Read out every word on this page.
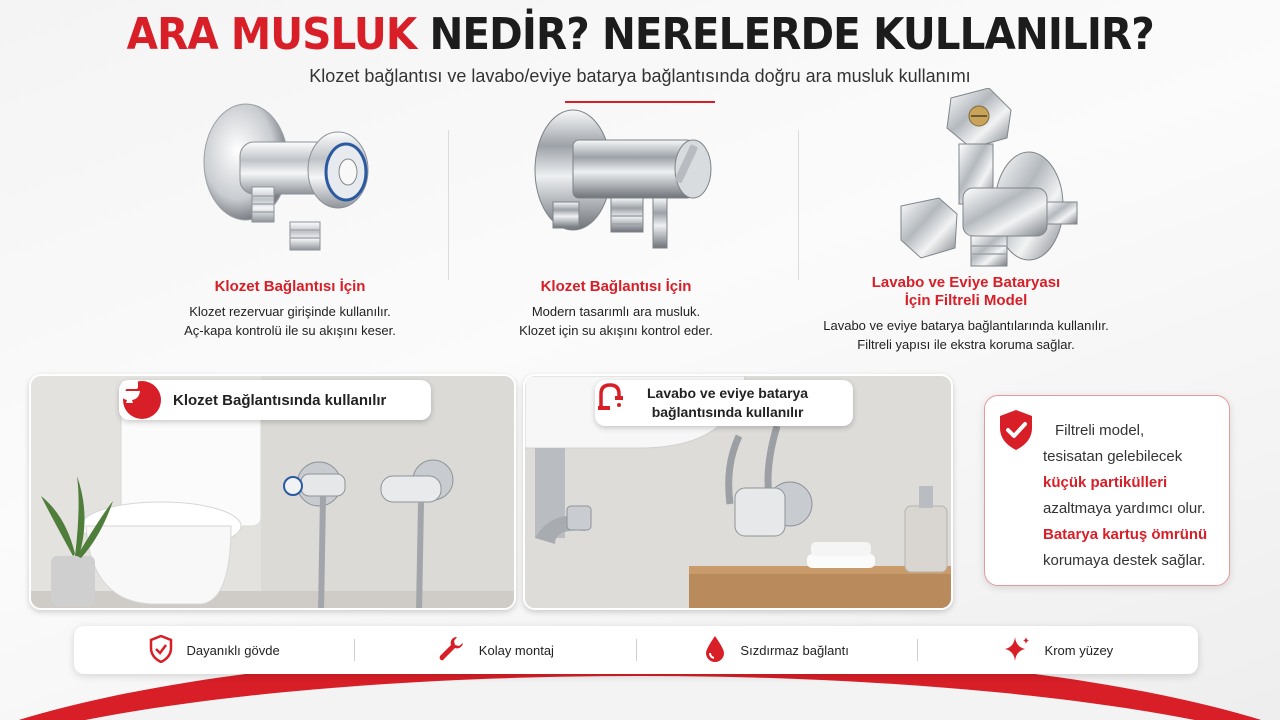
ARA MUSLUK NEDİR? NERELERDE KULLANILIR?
Klozet bağlantısı ve lavabo/eviye batarya bağlantısında doğru ara musluk kullanımı
Klozet Bağlantısı İçin
Klozet rezervuar girişinde kullanılır.
Aç-kapa kontrolü ile su akışını keser.
Klozet Bağlantısı İçin
Modern tasarımlı ara musluk.
Klozet için su akışını kontrol eder.
Lavabo ve Eviye Bataryası
İçin Filtreli Model
Lavabo ve eviye batarya bağlantılarında kullanılır.
Filtreli yapısı ile ekstra koruma sağlar.
Klozet Bağlantısında kullanılır	Lavabo ve eviye batarya
bağlantısında kullanılır
Filtreli model,
tesisatan gelebilecek
küçük partikülleri
azaltmaya yardımcı olur.
Batarya kartuş ömrünü
korumaya destek sağlar.
Dayanıklı gövde	Kolay montaj	Sızdırmaz bağlantı	Krom yüzey
